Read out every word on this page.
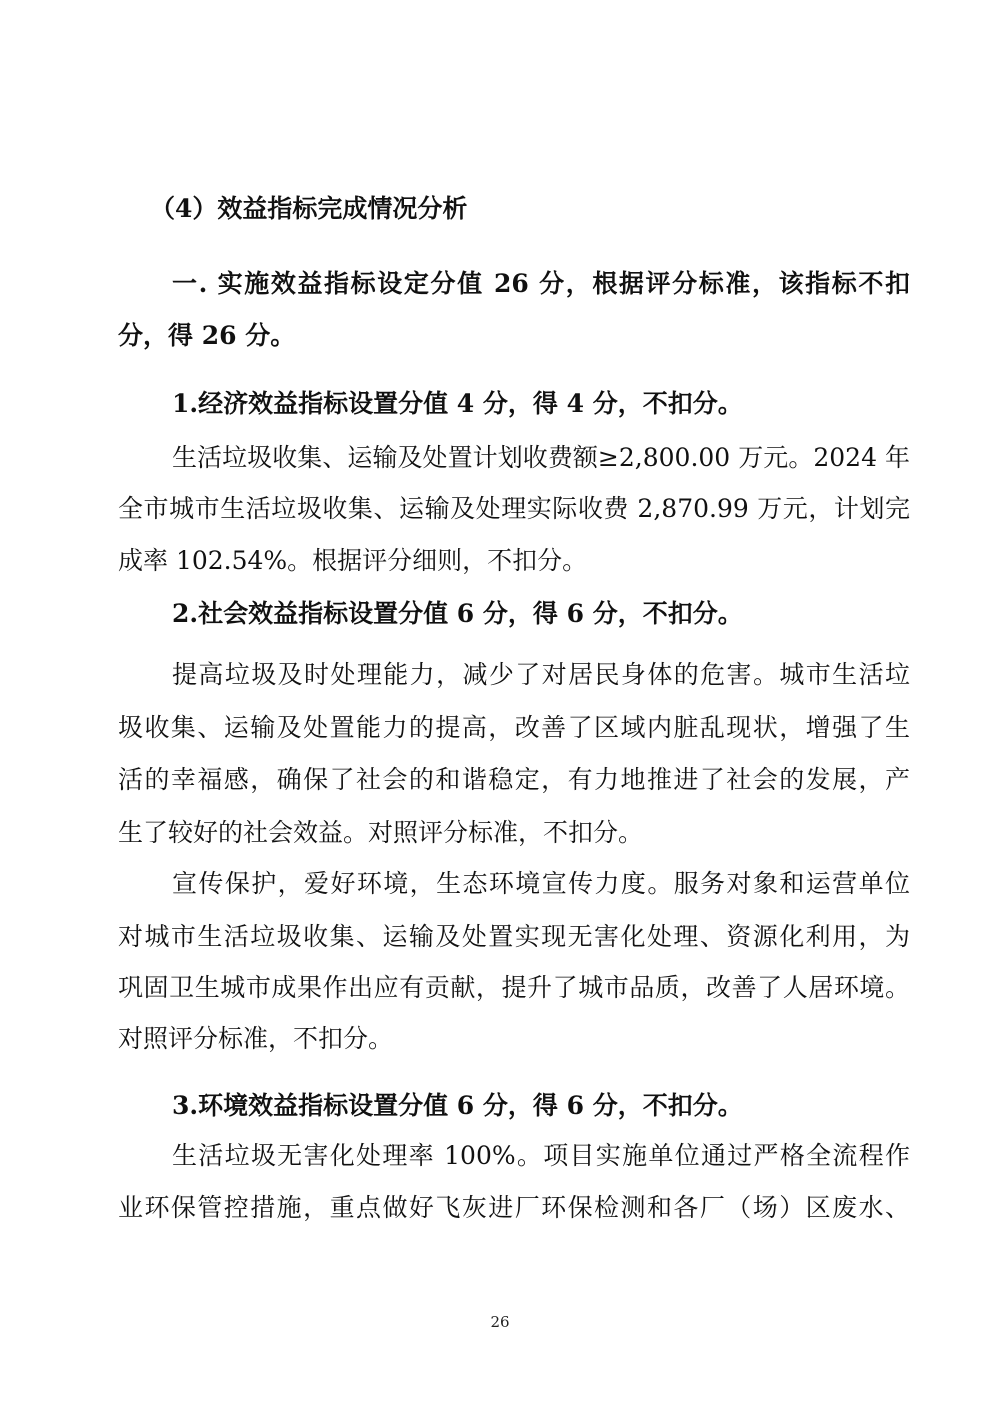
（4）效益指标完成情况分析
一. 实施效益指标设定分值 26 分，根据评分标准，该指标不扣
分，得 26 分。
1.经济效益指标设置分值 4 分，得 4 分，不扣分。
生活垃圾收集、运输及处置计划收费额≥2,800.00 万元。2024 年
全市城市生活垃圾收集、运输及处理实际收费 2,870.99 万元，计划完
成率 102.54%。根据评分细则，不扣分。
2.社会效益指标设置分值 6 分，得 6 分，不扣分。
提高垃圾及时处理能力，减少了对居民身体的危害。城市生活垃
圾收集、运输及处置能力的提高，改善了区域内脏乱现状，增强了生
活的幸福感，确保了社会的和谐稳定，有力地推进了社会的发展，产
生了较好的社会效益。对照评分标准，不扣分。
宣传保护，爱好环境，生态环境宣传力度。服务对象和运营单位
对城市生活垃圾收集、运输及处置实现无害化处理、资源化利用，为
巩固卫生城市成果作出应有贡献，提升了城市品质，改善了人居环境。
对照评分标准，不扣分。
3.环境效益指标设置分值 6 分，得 6 分，不扣分。
生活垃圾无害化处理率 100%。项目实施单位通过严格全流程作
业环保管控措施，重点做好飞灰进厂环保检测和各厂（场）区废水、
26
